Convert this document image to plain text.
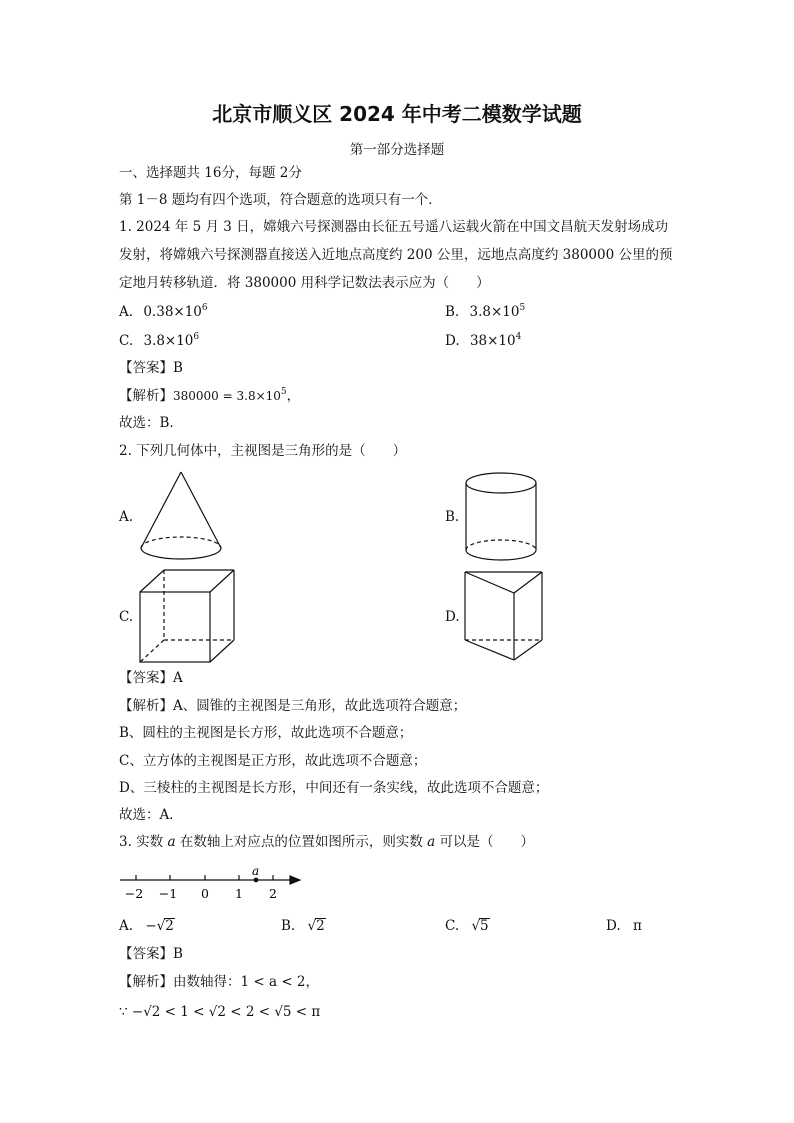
北京市顺义区 2024 年中考二模数学试题
第一部分选择题
一、选择题共 16分，每题 2分
第 1－8 题均有四个选项，符合题意的选项只有一个．
1. 2024 年 5 月 3 日，嫦娥六号探测器由长征五号遥八运载火箭在中国文昌航天发射场成功
发射，将嫦娥六号探测器直接送入近地点高度约 200 公里，远地点高度约 380000 公里的预
定地月转移轨道．将 380000 用科学记数法表示应为（　　）
A. $0.38\times 10^6$	B. $3.8\times 10^5$
C. $3.8\times 10^6$	D. $38\times 10^4$
【答案】B
【解析】$380000 = 3.8\times 10^5$，
故选：B．
2. 下列几何体中，主视图是三角形的是（　　）
A.	B.
C.	D.
【答案】A
【解析】A、圆锥的主视图是三角形，故此选项符合题意；
B、圆柱的主视图是长方形，故此选项不合题意；
C、立方体的主视图是正方形，故此选项不合题意；
D、三棱柱的主视图是长方形，中间还有一条实线，故此选项不合题意；
故选：A．
3. 实数 a 在数轴上对应点的位置如图所示，则实数 a 可以是（　　）
a
−2 −1 0 1 2
A. −√2	B. √2	C. √5	D. π
【答案】B
【解析】由数轴得：1 < a < 2，
∵ −√2 < 1 < √2 < 2 < √5 < π
